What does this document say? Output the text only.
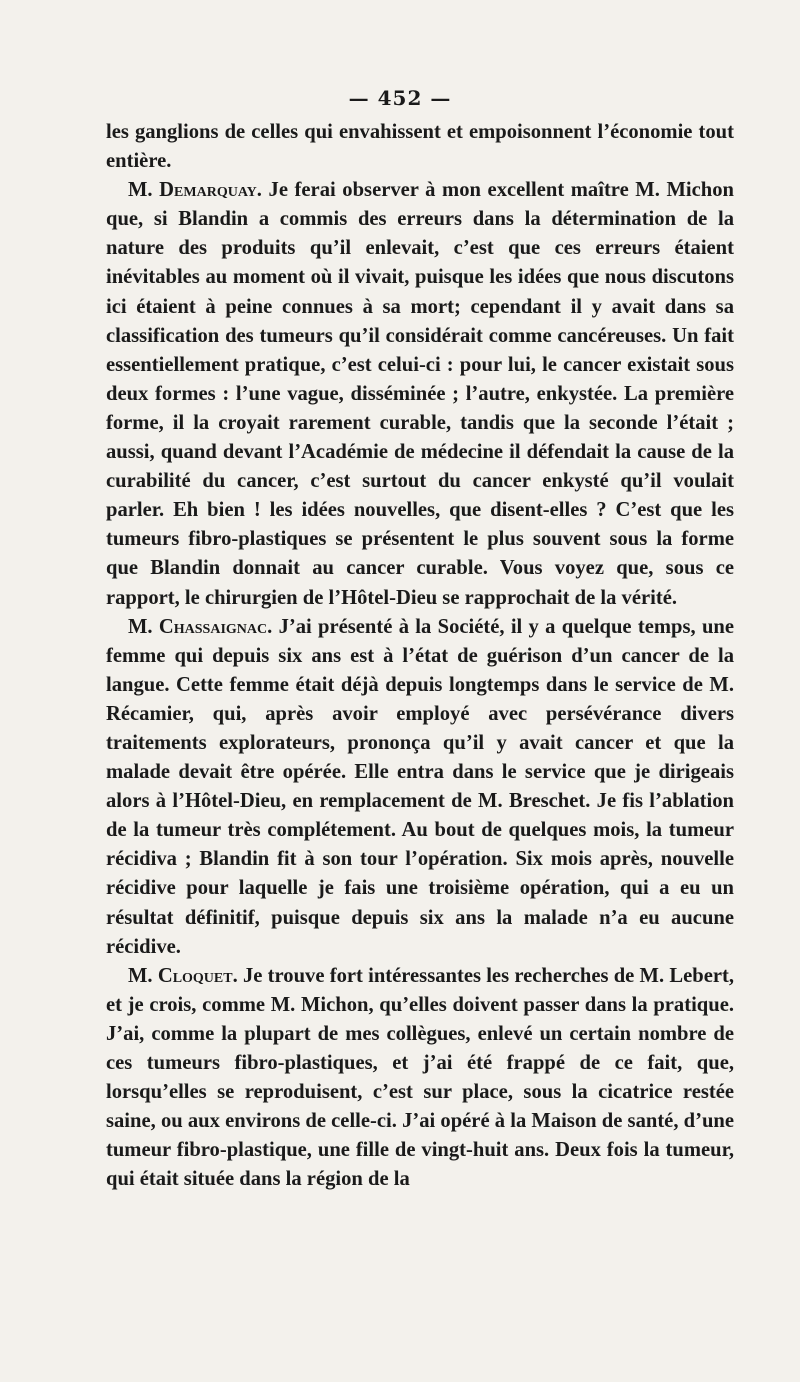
— 452 —

les ganglions de celles qui envahissent et empoisonnent l’économie tout entière.

M. Demarquay. Je ferai observer à mon excellent maître M. Michon que, si Blandin a commis des erreurs dans la détermination de la nature des produits qu’il enlevait, c’est que ces erreurs étaient inévitables au moment où il vivait, puisque les idées que nous discutons ici étaient à peine connues à sa mort; cependant il y avait dans sa classification des tumeurs qu’il considérait comme cancéreuses. Un fait essentiellement pratique, c’est celui-ci : pour lui, le cancer existait sous deux formes : l’une vague, disséminée ; l’autre, enkystée. La première forme, il la croyait rarement curable, tandis que la seconde l’était ; aussi, quand devant l’Académie de médecine il défendait la cause de la curabilité du cancer, c’est surtout du cancer enkysté qu’il voulait parler. Eh bien ! les idées nouvelles, que disent-elles ? C’est que les tumeurs fibro-plastiques se présentent le plus souvent sous la forme que Blandin donnait au cancer curable. Vous voyez que, sous ce rapport, le chirurgien de l’Hôtel-Dieu se rapprochait de la vérité.

M. Chassaignac. J’ai présenté à la Société, il y a quelque temps, une femme qui depuis six ans est à l’état de guérison d’un cancer de la langue. Cette femme était déjà depuis longtemps dans le service de M. Récamier, qui, après avoir employé avec persévérance divers traitements explorateurs, prononça qu’il y avait cancer et que la malade devait être opérée. Elle entra dans le service que je dirigeais alors à l’Hôtel-Dieu, en remplacement de M. Breschet. Je fis l’ablation de la tumeur très complétement. Au bout de quelques mois, la tumeur récidiva ; Blandin fit à son tour l’opération. Six mois après, nouvelle récidive pour laquelle je fais une troisième opération, qui a eu un résultat définitif, puisque depuis six ans la malade n’a eu aucune récidive.

M. Cloquet. Je trouve fort intéressantes les recherches de M. Lebert, et je crois, comme M. Michon, qu’elles doivent passer dans la pratique. J’ai, comme la plupart de mes collègues, enlevé un certain nombre de ces tumeurs fibro-plastiques, et j’ai été frappé de ce fait, que, lorsqu’elles se reproduisent, c’est sur place, sous la cicatrice restée saine, ou aux environs de celle-ci. J’ai opéré à la Maison de santé, d’une tumeur fibro-plastique, une fille de vingt-huit ans. Deux fois la tumeur, qui était située dans la région de la
